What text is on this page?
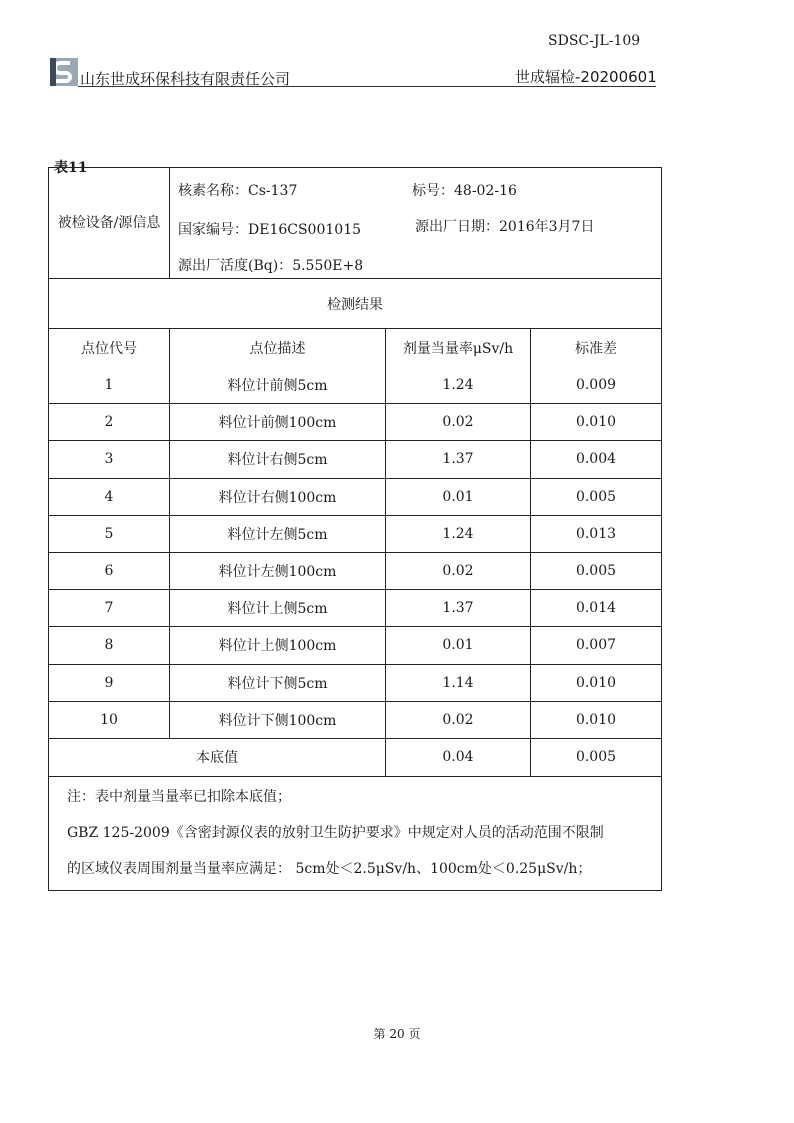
SDSC-JL-109
山东世成环保科技有限责任公司	世成辐检-20200601
表11
被检设备/源信息
核素名称：Cs-137	标号：48-02-16
国家编号：DE16CS001015	源出厂日期：2016年3月7日
源出厂活度(Bq)：5.550E+8
检测结果
点位代号	点位描述	剂量当量率μSv/h	标准差
1	料位计前侧5cm	1.24	0.009
2	料位计前侧100cm	0.02	0.010
3	料位计右侧5cm	1.37	0.004
4	料位计右侧100cm	0.01	0.005
5	料位计左侧5cm	1.24	0.013
6	料位计左侧100cm	0.02	0.005
7	料位计上侧5cm	1.37	0.014
8	料位计上侧100cm	0.01	0.007
9	料位计下侧5cm	1.14	0.010
10	料位计下侧100cm	0.02	0.010
本底值	0.04	0.005
注：表中剂量当量率已扣除本底值；
GBZ 125-2009《含密封源仪表的放射卫生防护要求》中规定对人员的活动范围不限制
的区域仪表周围剂量当量率应满足： 5cm处＜2.5μSv/h、100cm处＜0.25μSv/h；
第 20 页
